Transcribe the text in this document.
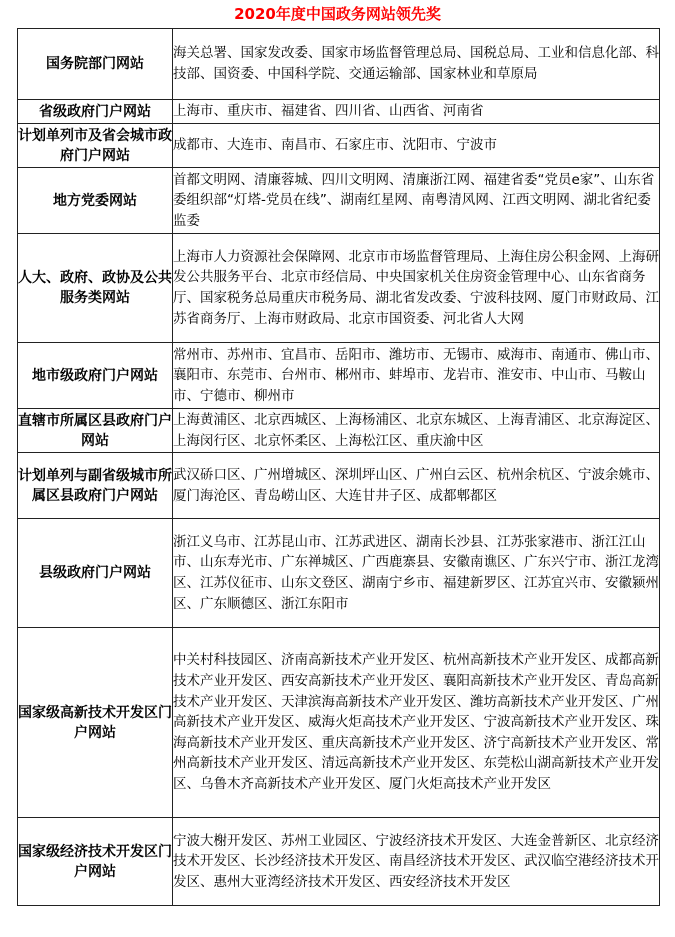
2020年度中国政务网站领先奖
国务院部门网站	海关总署、国家发改委、国家市场监督管理总局、国税总局、工业和信息化部、科技部、国资委、中国科学院、交通运输部、国家林业和草原局
省级政府门户网站	上海市、重庆市、福建省、四川省、山西省、河南省
计划单列市及省会城市政府门户网站	成都市、大连市、南昌市、石家庄市、沈阳市、宁波市
地方党委网站	首都文明网、清廉蓉城、四川文明网、清廉浙江网、福建省委“党员e家”、山东省委组织部“灯塔-党员在线”、湖南红星网、南粤清风网、江西文明网、湖北省纪委监委
人大、政府、政协及公共服务类网站	上海市人力资源社会保障网、北京市市场监督管理局、上海住房公积金网、上海研发公共服务平台、北京市经信局、中央国家机关住房资金管理中心、山东省商务厅、国家税务总局重庆市税务局、湖北省发改委、宁波科技网、厦门市财政局、江苏省商务厅、上海市财政局、北京市国资委、河北省人大网
地市级政府门户网站	常州市、苏州市、宜昌市、岳阳市、潍坊市、无锡市、威海市、南通市、佛山市、襄阳市、东莞市、台州市、郴州市、蚌埠市、龙岩市、淮安市、中山市、马鞍山市、宁德市、柳州市
直辖市所属区县政府门户网站	上海黄浦区、北京西城区、上海杨浦区、北京东城区、上海青浦区、北京海淀区、上海闵行区、北京怀柔区、上海松江区、重庆渝中区
计划单列与副省级城市所属区县政府门户网站	武汉硚口区、广州增城区、深圳坪山区、广州白云区、杭州余杭区、宁波余姚市、厦门海沧区、青岛崂山区、大连甘井子区、成都郫都区
县级政府门户网站	浙江义乌市、江苏昆山市、江苏武进区、湖南长沙县、江苏张家港市、浙江江山市、山东寿光市、广东禅城区、广西鹿寨县、安徽南谯区、广东兴宁市、浙江龙湾区、江苏仪征市、山东文登区、湖南宁乡市、福建新罗区、江苏宜兴市、安徽颍州区、广东顺德区、浙江东阳市
国家级高新技术开发区门户网站	中关村科技园区、济南高新技术产业开发区、杭州高新技术产业开发区、成都高新技术产业开发区、西安高新技术产业开发区、襄阳高新技术产业开发区、青岛高新技术产业开发区、天津滨海高新技术产业开发区、潍坊高新技术产业开发区、广州高新技术产业开发区、威海火炬高技术产业开发区、宁波高新技术产业开发区、珠海高新技术产业开发区、重庆高新技术产业开发区、济宁高新技术产业开发区、常州高新技术产业开发区、清远高新技术产业开发区、东莞松山湖高新技术产业开发区、乌鲁木齐高新技术产业开发区、厦门火炬高技术产业开发区
国家级经济技术开发区门户网站	宁波大榭开发区、苏州工业园区、宁波经济技术开发区、大连金普新区、北京经济技术开发区、长沙经济技术开发区、南昌经济技术开发区、武汉临空港经济技术开发区、惠州大亚湾经济技术开发区、西安经济技术开发区
